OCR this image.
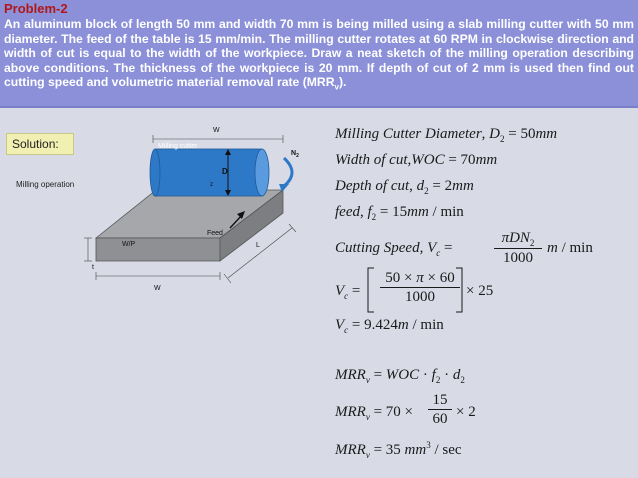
Problem-2
An aluminum block of length 50 mm and width 70 mm is being milled using a slab milling cutter with 50 mm diameter. The feed of the table is 15 mm/min. The milling cutter rotates at 60 RPM in clockwise direction and width of cut is equal to the width of the workpiece. Draw a neat sketch of the milling operation describing above conditions. The thickness of the workpiece is 20 mm. If depth of cut of 2 mm is used then find out cutting speed and volumetric material removal rate $(MRR_v)$.
Solution:
Milling operation
W
Milling cutter
D
z
$N_2$
Feed
W/P	L
t
W
Milling Cutter Diameter, $D_2 = 50mm$
Width of cut,WOC = 70mm
Depth of cut, $d_2 = 2mm$
feed, $f_2 = 15mm / \min$
Cutting Speed, $V_c$ =
πDN$_2$
1000
m / min
$V_c = \frac{50 \times \pi \times 60}{1000} \times 25$
$V_c = 9.424m / \min$
$MRR_v$ = WOC · $f_2 \cdot d_2$
$MRR_v = 70 \times \frac{15}{60} \times 2$
$MRR_v = 35$ $mm^3$ / sec
